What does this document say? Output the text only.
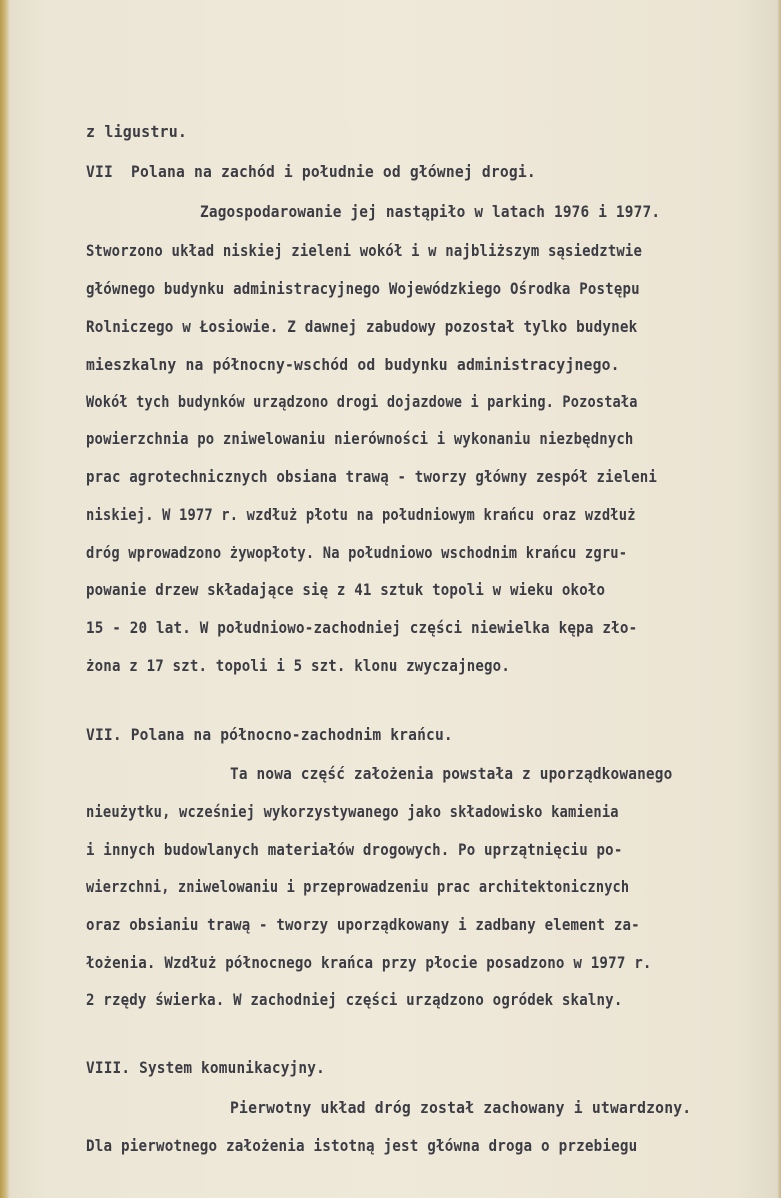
z ligustru.
VII  Polana na zachód i południe od głównej drogi.
Zagospodarowanie jej nastąpiło w latach 1976 i 1977.
Stworzono układ niskiej zieleni wokół i w najbliższym sąsiedztwie
głównego budynku administracyjnego Wojewódzkiego Ośrodka Postępu
Rolniczego w Łosiowie. Z dawnej zabudowy pozostał tylko budynek
mieszkalny na północny-wschód od budynku administracyjnego.
Wokół tych budynków urządzono drogi dojazdowe i parking. Pozostała
powierzchnia po zniwelowaniu nierówności i wykonaniu niezbędnych
prac agrotechnicznych obsiana trawą - tworzy główny zespół zieleni
niskiej. W 1977 r. wzdłuż płotu na południowym krańcu oraz wzdłuż
dróg wprowadzono żywopłoty. Na południowo wschodnim krańcu zgru-
powanie drzew składające się z 41 sztuk topoli w wieku około
15 - 20 lat. W południowo-zachodniej części niewielka kępa zło-
żona z 17 szt. topoli i 5 szt. klonu zwyczajnego.
VII. Polana na północno-zachodnim krańcu.
Ta nowa część założenia powstała z uporządkowanego
nieużytku, wcześniej wykorzystywanego jako składowisko kamienia
i innych budowlanych materiałów drogowych. Po uprzątnięciu po-
wierzchni, zniwelowaniu i przeprowadzeniu prac architektonicznych
oraz obsianiu trawą - tworzy uporządkowany i zadbany element za-
łożenia. Wzdłuż północnego krańca przy płocie posadzono w 1977 r.
2 rzędy świerka. W zachodniej części urządzono ogródek skalny.
VIII. System komunikacyjny.
Pierwotny układ dróg został zachowany i utwardzony.
Dla pierwotnego założenia istotną jest główna droga o przebiegu
